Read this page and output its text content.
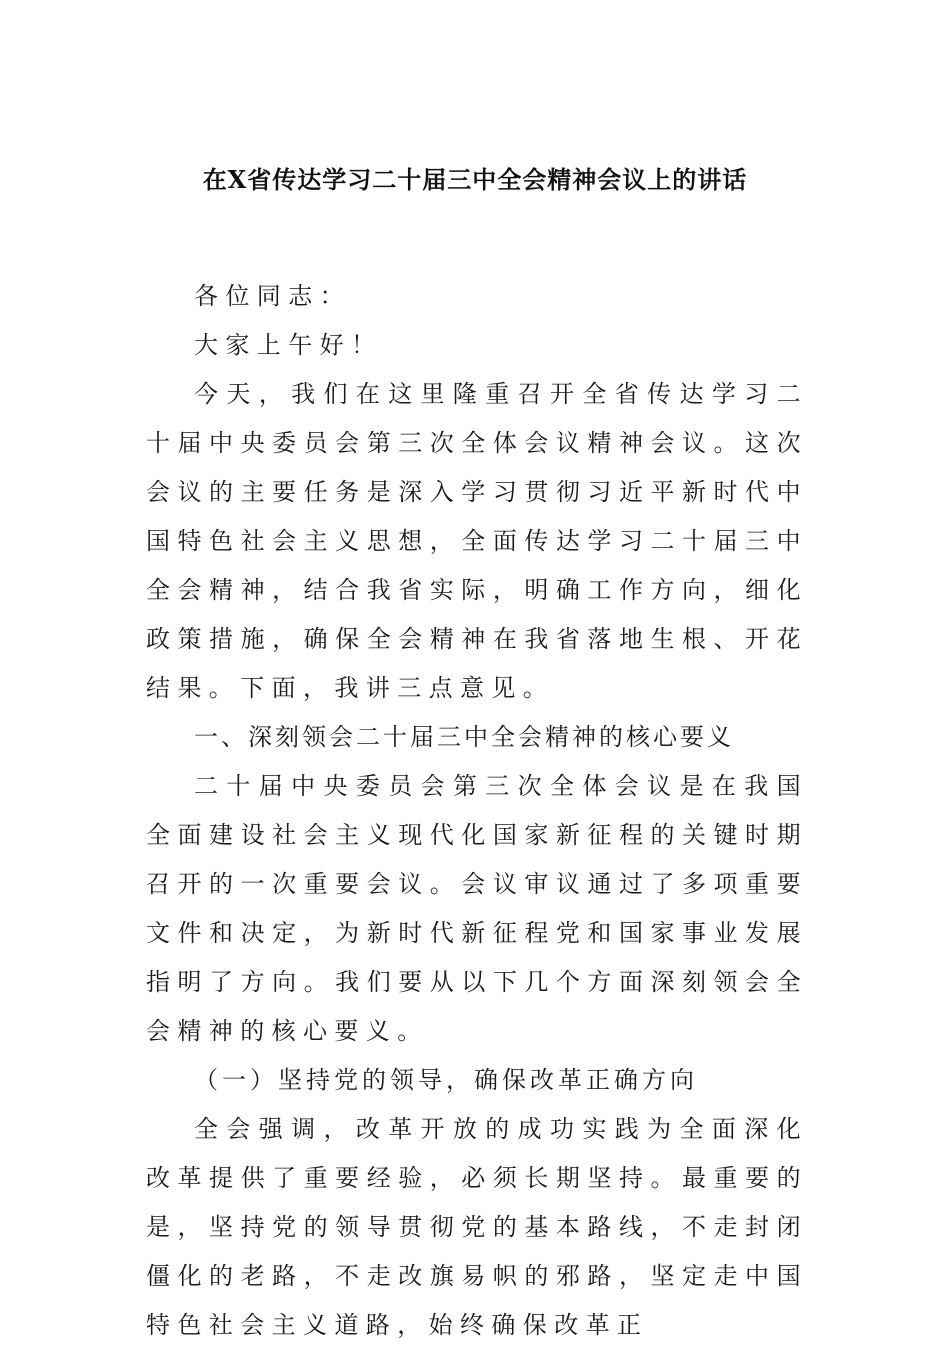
在X省传达学习二十届三中全会精神会议上的讲话

各位同志：

大家上午好！

今天，我们在这里隆重召开全省传达学习二十届中央委员会第三次全体会议精神会议。这次会议的主要任务是深入学习贯彻习近平新时代中国特色社会主义思想，全面传达学习二十届三中全会精神，结合我省实际，明确工作方向，细化政策措施，确保全会精神在我省落地生根、开花结果。下面，我讲三点意见。

一、深刻领会二十届三中全会精神的核心要义

二十届中央委员会第三次全体会议是在我国全面建设社会主义现代化国家新征程的关键时期召开的一次重要会议。会议审议通过了多项重要文件和决定，为新时代新征程党和国家事业发展指明了方向。我们要从以下几个方面深刻领会全会精神的核心要义。

（一）坚持党的领导，确保改革正确方向

全会强调，改革开放的成功实践为全面深化改革提供了重要经验，必须长期坚持。最重要的是，坚持党的领导贯彻党的基本路线，不走封闭僵化的老路，不走改旗易帜的邪路，坚定走中国特色社会主义道路，始终确保改革正
